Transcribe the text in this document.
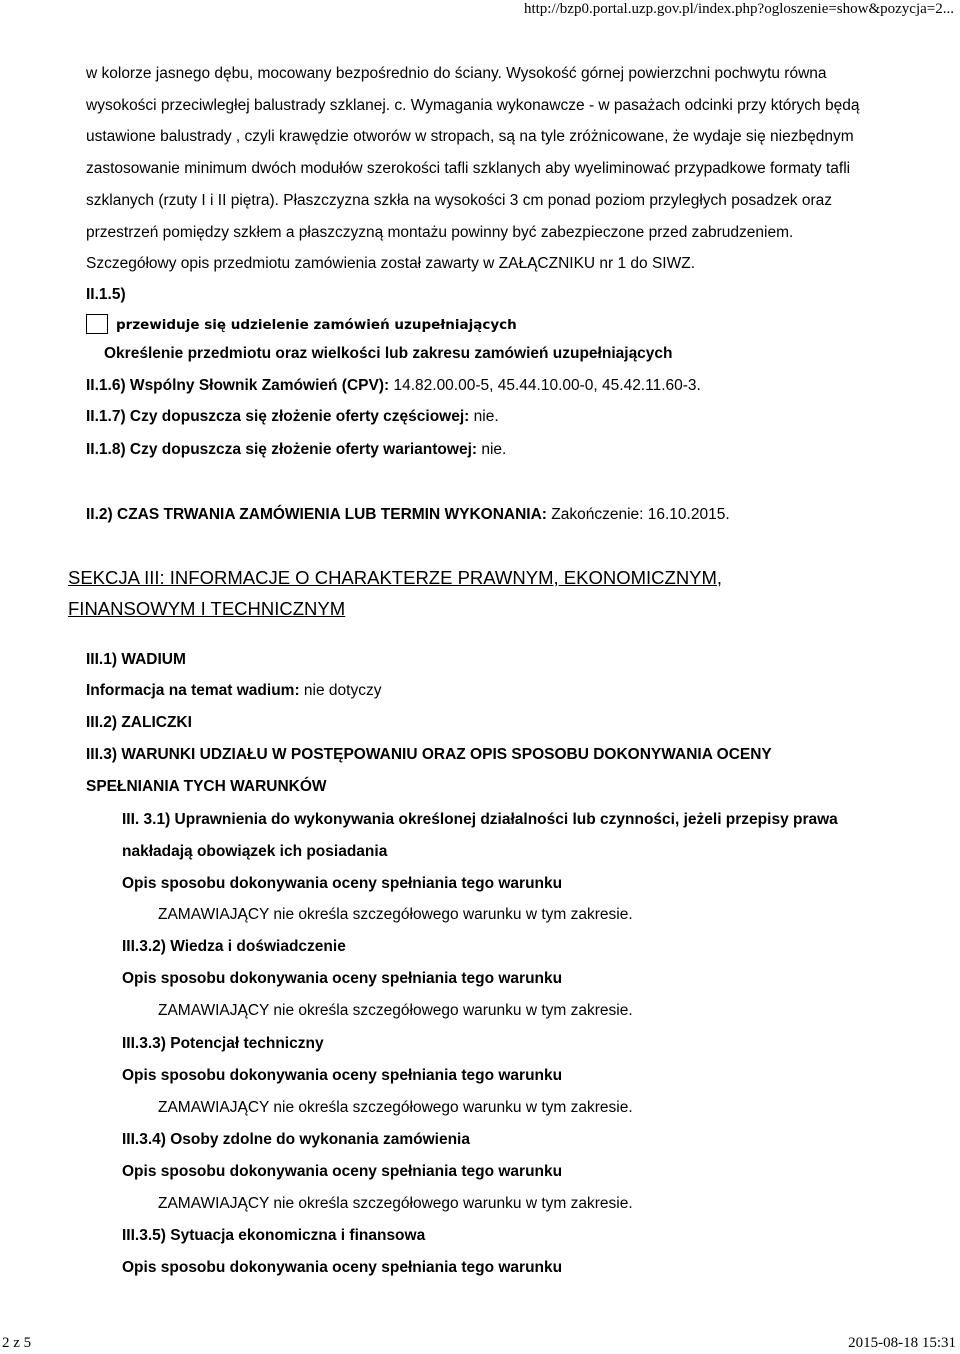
http://bzp0.portal.uzp.gov.pl/index.php?ogloszenie=show&pozycja=2...
w kolorze jasnego dębu, mocowany bezpośrednio do ściany. Wysokość górnej powierzchni pochwytu równa
wysokości przeciwległej balustrady szklanej. c. Wymagania wykonawcze - w pasażach odcinki przy których będą
ustawione balustrady , czyli krawędzie otworów w stropach, są na tyle zróżnicowane, że wydaje się niezbędnym
zastosowanie minimum dwóch modułów szerokości tafli szklanych aby wyeliminować przypadkowe formaty tafli
szklanych (rzuty I i II piętra). Płaszczyzna szkła na wysokości 3 cm ponad poziom przyległych posadzek oraz
przestrzeń pomiędzy szkłem a płaszczyzną montażu powinny być zabezpieczone przed zabrudzeniem.
Szczegółowy opis przedmiotu zamówienia został zawarty w ZAŁĄCZNIKU nr 1 do SIWZ.
II.1.5)
przewiduje się udzielenie zamówień uzupełniających
Określenie przedmiotu oraz wielkości lub zakresu zamówień uzupełniających
II.1.6) Wspólny Słownik Zamówień (CPV): 14.82.00.00-5, 45.44.10.00-0, 45.42.11.60-3.
II.1.7) Czy dopuszcza się złożenie oferty częściowej: nie.
II.1.8) Czy dopuszcza się złożenie oferty wariantowej: nie.
II.2) CZAS TRWANIA ZAMÓWIENIA LUB TERMIN WYKONANIA: Zakończenie: 16.10.2015.
SEKCJA III: INFORMACJE O CHARAKTERZE PRAWNYM, EKONOMICZNYM,
FINANSOWYM I TECHNICZNYM
III.1) WADIUM
Informacja na temat wadium: nie dotyczy
III.2) ZALICZKI
III.3) WARUNKI UDZIAŁU W POSTĘPOWANIU ORAZ OPIS SPOSOBU DOKONYWANIA OCENY
SPEŁNIANIA TYCH WARUNKÓW
III. 3.1) Uprawnienia do wykonywania określonej działalności lub czynności, jeżeli przepisy prawa
nakładają obowiązek ich posiadania
Opis sposobu dokonywania oceny spełniania tego warunku
ZAMAWIAJĄCY nie określa szczegółowego warunku w tym zakresie.
III.3.2) Wiedza i doświadczenie
Opis sposobu dokonywania oceny spełniania tego warunku
ZAMAWIAJĄCY nie określa szczegółowego warunku w tym zakresie.
III.3.3) Potencjał techniczny
Opis sposobu dokonywania oceny spełniania tego warunku
ZAMAWIAJĄCY nie określa szczegółowego warunku w tym zakresie.
III.3.4) Osoby zdolne do wykonania zamówienia
Opis sposobu dokonywania oceny spełniania tego warunku
ZAMAWIAJĄCY nie określa szczegółowego warunku w tym zakresie.
III.3.5) Sytuacja ekonomiczna i finansowa
Opis sposobu dokonywania oceny spełniania tego warunku
2 z 5	2015-08-18 15:31
